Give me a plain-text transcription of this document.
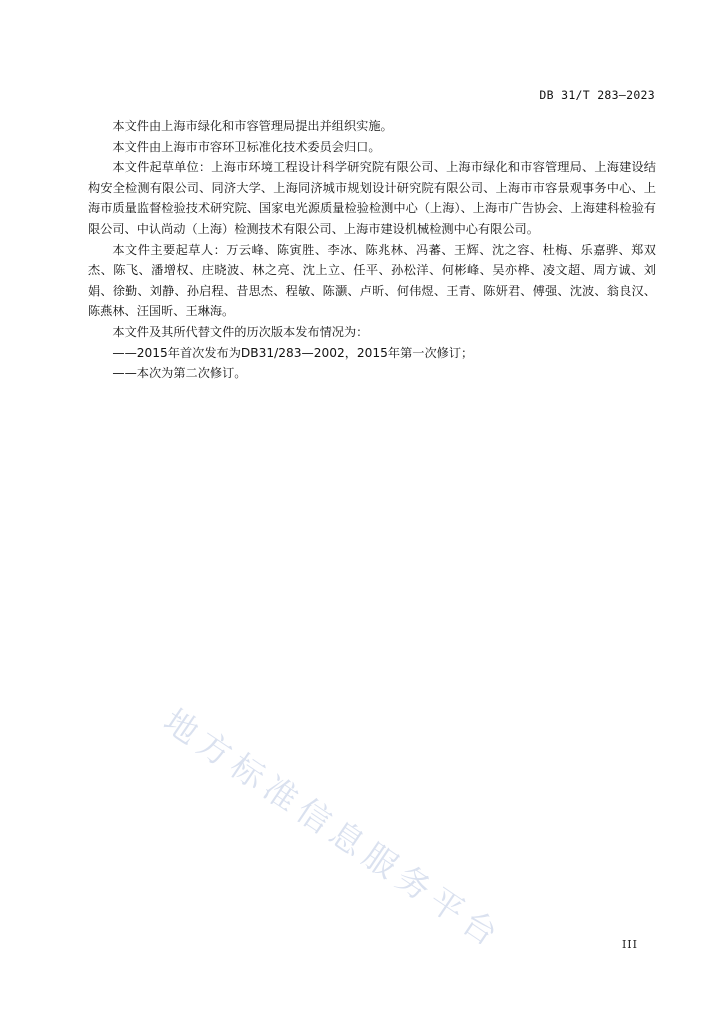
DB 31/T 283—2023

本文件由上海市绿化和市容管理局提出并组织实施。

本文件由上海市市容环卫标准化技术委员会归口。

本文件起草单位：上海市环境工程设计科学研究院有限公司、上海市绿化和市容管理局、上海建设结构安全检测有限公司、同济大学、上海同济城市规划设计研究院有限公司、上海市市容景观事务中心、上海市质量监督检验技术研究院、国家电光源质量检验检测中心（上海）、上海市广告协会、上海建科检验有限公司、中认尚动（上海）检测技术有限公司、上海市建设机械检测中心有限公司。

本文件主要起草人：万云峰、陈寅胜、李冰、陈兆林、冯蕃、王辉、沈之容、杜梅、乐嘉骅、郑双杰、陈飞、潘增权、庄晓波、林之亮、沈上立、任平、孙松洋、何彬峰、吴亦桦、凌文超、周方诚、刘娟、徐勤、刘静、孙启程、昔思杰、程敏、陈灏、卢昕、何伟煜、王青、陈妍君、傅强、沈波、翁良汉、陈燕林、汪国昕、王琳海。

本文件及其所代替文件的历次版本发布情况为：

——2015年首次发布为DB31/283—2002，2015年第一次修订；

——本次为第二次修订。

地方标准信息服务平台	III
